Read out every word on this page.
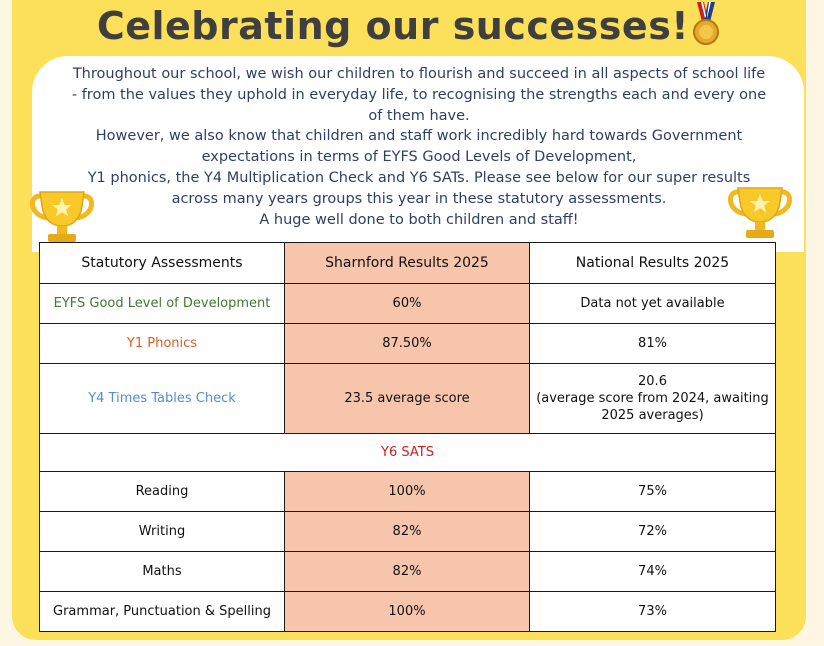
Celebrating our successes!
Throughout our school, we wish our children to flourish and succeed in all aspects of school life
- from the values they uphold in everyday life, to recognising the strengths each and every one
of them have.
However, we also know that children and staff work incredibly hard towards Government
expectations in terms of EYFS Good Levels of Development,
Y1 phonics, the Y4 Multiplication Check and Y6 SATs. Please see below for our super results
across many years groups this year in these statutory assessments.
A huge well done to both children and staff!
Statutory Assessments	Sharnford Results 2025	National Results 2025
EYFS Good Level of Development	60%	Data not yet available
Y1 Phonics	87.50%	81%
Y4 Times Tables Check	23.5 average score	20.6
(average score from 2024, awaiting
2025 averages)

Y6 SATS		
Reading	100%	75%
Writing	82%	72%
Maths	82%	74%
Grammar, Punctuation & Spelling	100%	73%
